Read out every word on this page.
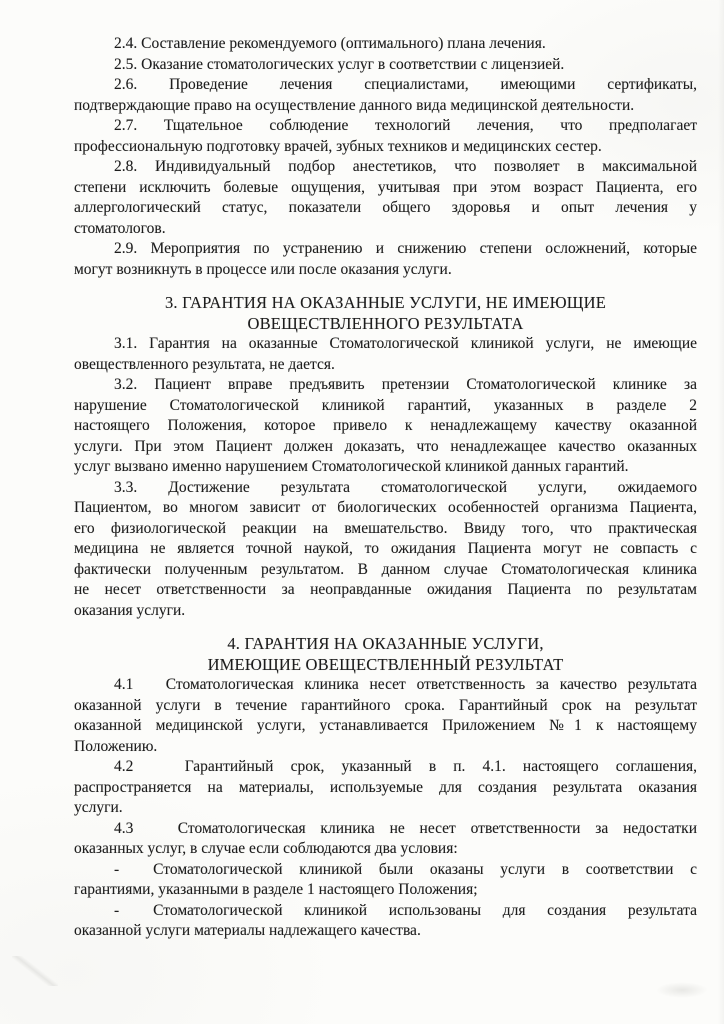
2.4. Составление рекомендуемого (оптимального) плана лечения.
2.5. Оказание стоматологических услуг в соответствии с лицензией.
2.6. Проведение лечения специалистами, имеющими сертификаты,
подтверждающие право на осуществление данного вида медицинской деятельности.
2.7. Тщательное соблюдение технологий лечения, что предполагает
профессиональную подготовку врачей, зубных техников и медицинских сестер.
2.8. Индивидуальный подбор анестетиков, что позволяет в максимальной
степени исключить болевые ощущения, учитывая при этом возраст Пациента, его
аллергологический статус, показатели общего здоровья и опыт лечения у
стоматологов.
2.9. Мероприятия по устранению и снижению степени осложнений, которые
могут возникнуть в процессе или после оказания услуги.
3. ГАРАНТИЯ НА ОКАЗАННЫЕ УСЛУГИ, НЕ ИМЕЮЩИЕ
ОВЕЩЕСТВЛЕННОГО РЕЗУЛЬТАТА
3.1. Гарантия на оказанные Стоматологической клиникой услуги, не имеющие
овеществленного результата, не дается.
3.2. Пациент вправе предъявить претензии Стоматологической клинике за
нарушение Стоматологической клиникой гарантий, указанных в разделе 2
настоящего Положения, которое привело к ненадлежащему качеству оказанной
услуги. При этом Пациент должен доказать, что ненадлежащее качество оказанных
услуг вызвано именно нарушением Стоматологической клиникой данных гарантий.
3.3. Достижение результата стоматологической услуги, ожидаемого
Пациентом, во многом зависит от биологических особенностей организма Пациента,
его физиологической реакции на вмешательство. Ввиду того, что практическая
медицина не является точной наукой, то ожидания Пациента могут не совпасть с
фактически полученным результатом. В данном случае Стоматологическая клиника
не несет ответственности за неоправданные ожидания Пациента по результатам
оказания услуги.
4. ГАРАНТИЯ НА ОКАЗАННЫЕ УСЛУГИ,
ИМЕЮЩИЕ ОВЕЩЕСТВЛЕННЫЙ РЕЗУЛЬТАТ
4.1   Стоматологическая клиника несет ответственность за качество результата
оказанной услуги в течение гарантийного срока. Гарантийный срок на результат
оказанной медицинской услуги, устанавливается Приложением №1 к настоящему
Положению.
4.2   Гарантийный срок, указанный в п. 4.1. настоящего соглашения,
распространяется на материалы, используемые для создания результата оказания
услуги.
4.3   Стоматологическая клиника не несет ответственности за недостатки
оказанных услуг, в случае если соблюдаются два условия:
- Стоматологической клиникой были оказаны услуги в соответствии с
гарантиями, указанными в разделе 1 настоящего Положения;
- Стоматологической клиникой использованы для создания результата
оказанной услуги материалы надлежащего качества.
